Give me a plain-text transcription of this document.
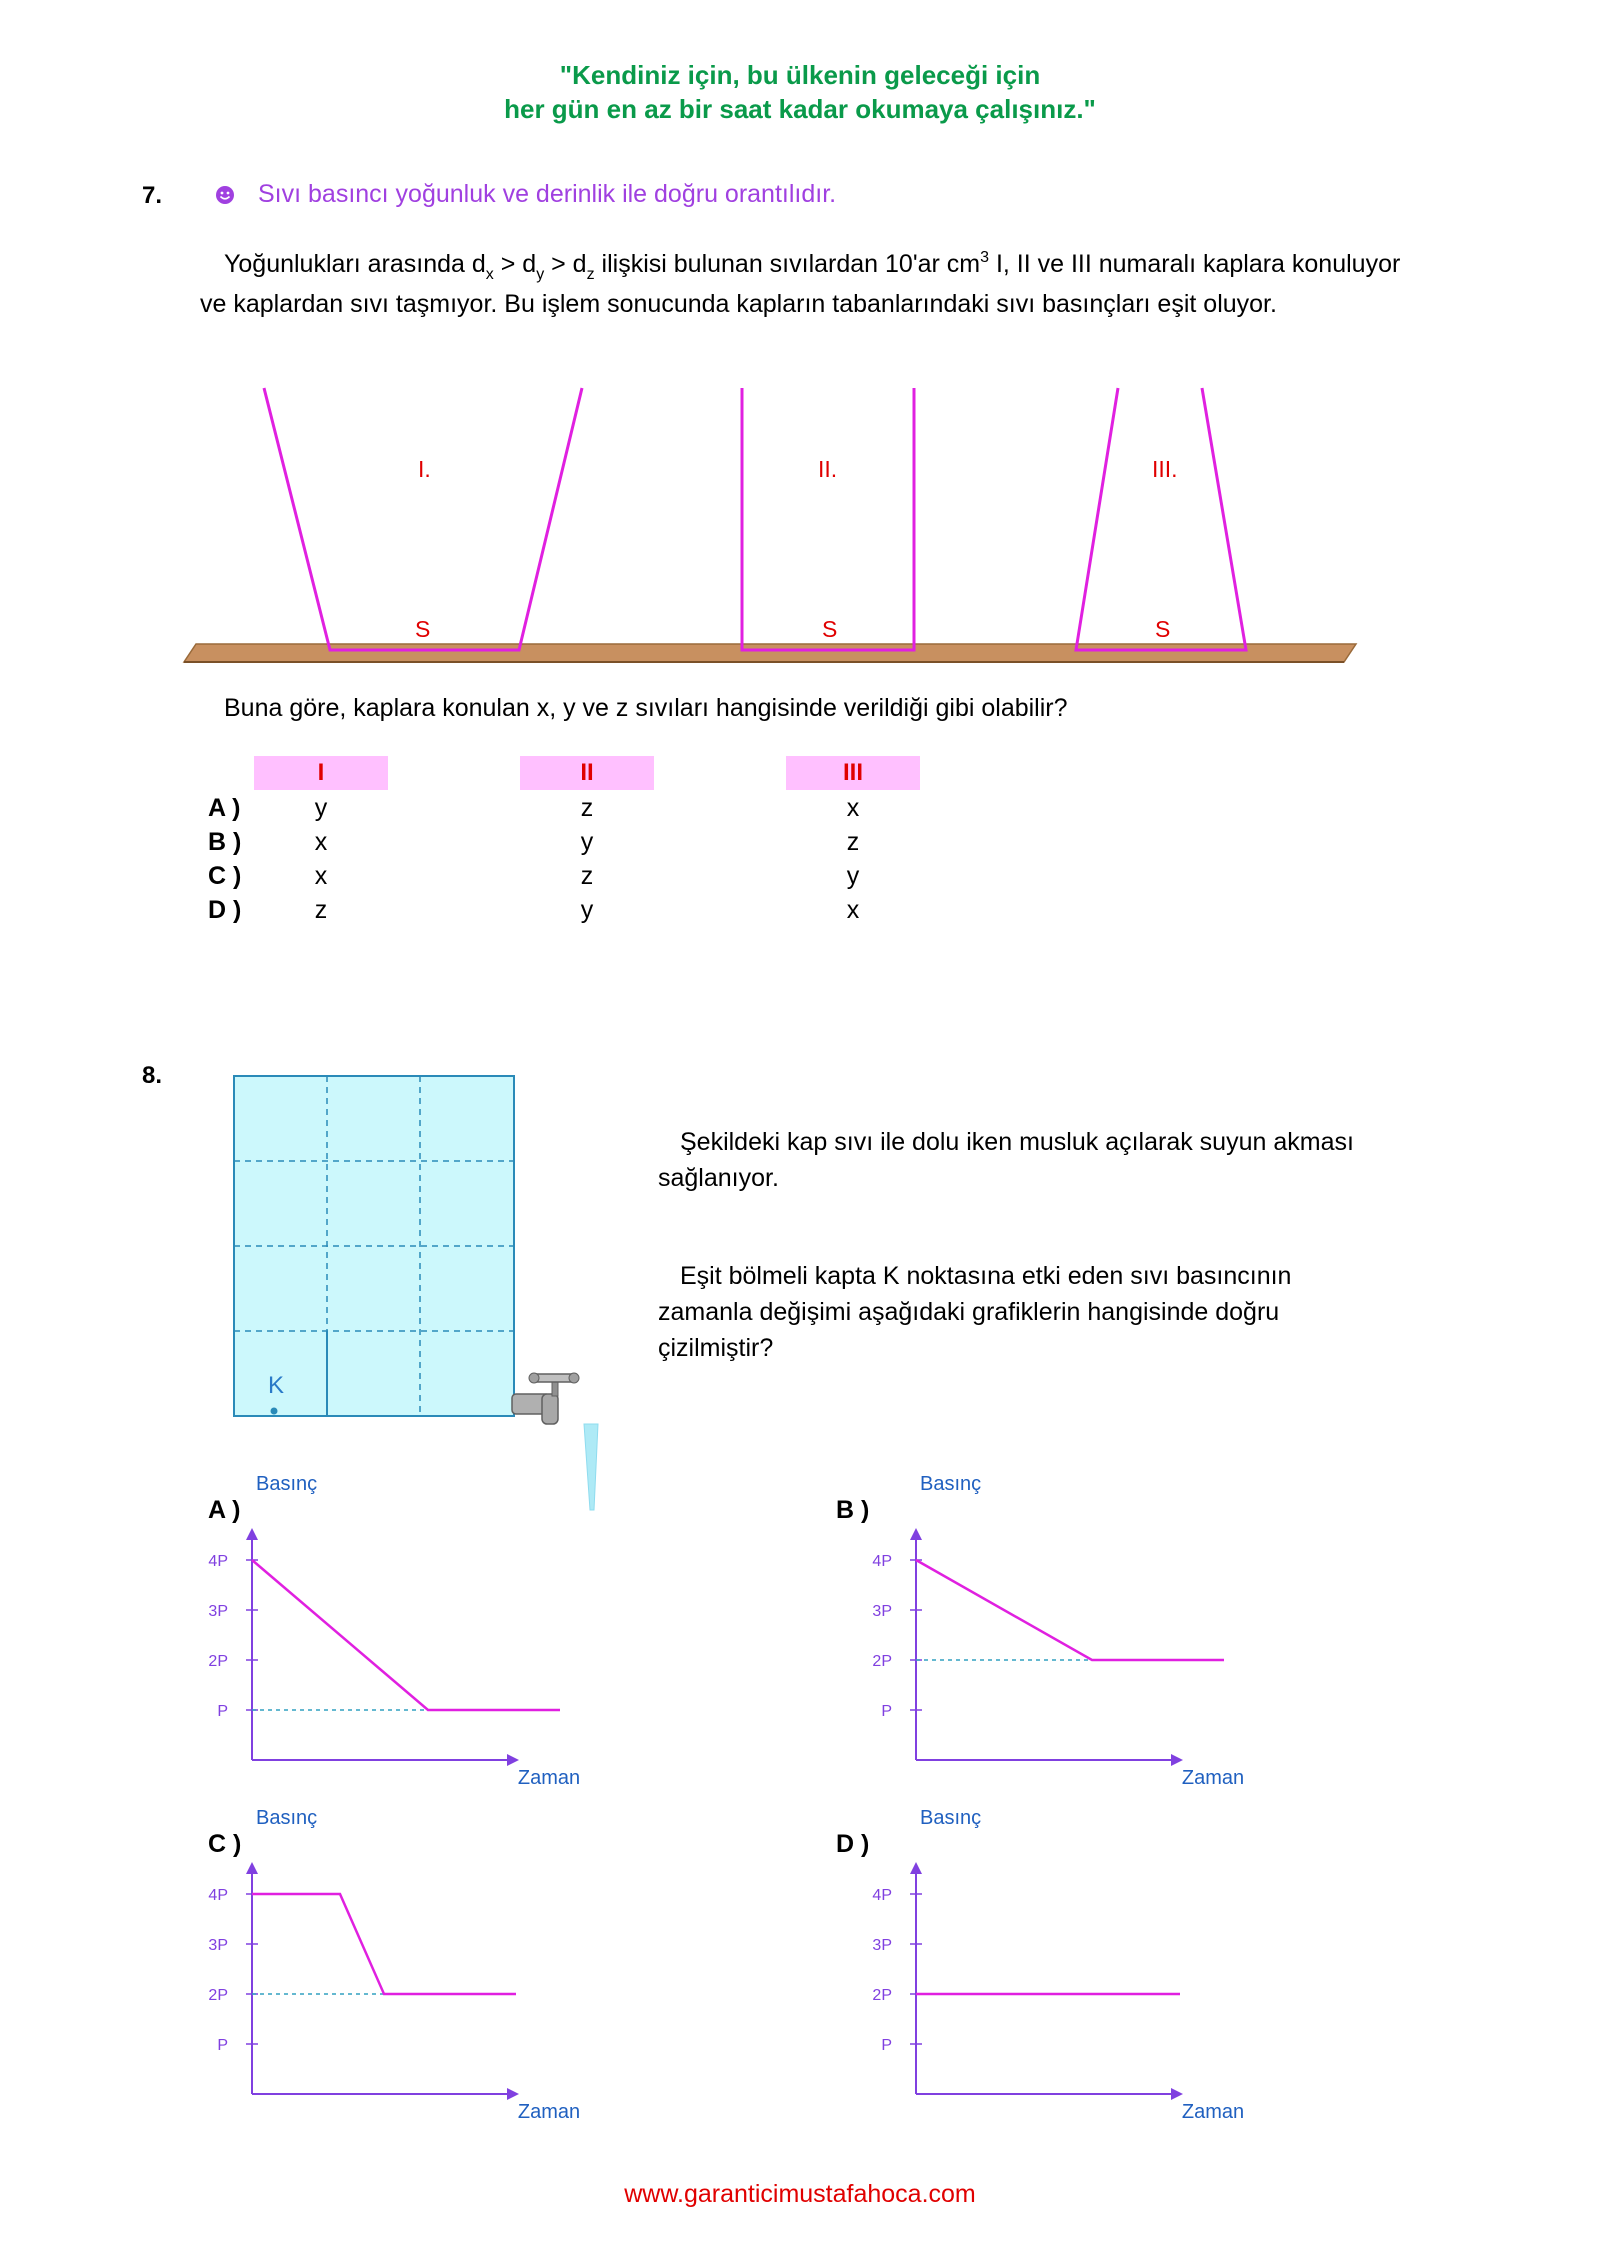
"Kendiniz için, bu ülkenin geleceği için
her gün en az bir saat kadar okumaya çalışınız."
7.	Sıvı basıncı yoğunluk ve derinlik ile doğru orantılıdır.
Yoğunlukları arasında $d_x > d_y > d_z$ ilişkisi bulunan sıvılardan 10'ar $cm^3$ I, II ve III numaralı kaplara konuluyor ve kaplardan sıvı taşmıyor. Bu işlem sonucunda kapların tabanlarındaki sıvı basınçları eşit oluyor.
I.	II.	III.
S	S	S
Buna göre, kaplara konulan x, y ve z sıvıları hangisinde verildiği gibi olabilir?
I	II	III
A )	y	z	x
B )	x	y	z
C )	x	z	y
D )	z	y	x
8.
K
Şekildeki kap sıvı ile dolu iken musluk açılarak suyun akması sağlanıyor.
Eşit bölmeli kapta K noktasına etki eden sıvı basıncının zamanla değişimi aşağıdaki grafiklerin hangisinde doğru çizilmiştir?
A )	B )
C )	D )
4P
3P
2P
P
Basınç
Zaman
4P
3P
2P
P
Basınç
Zaman
4P
3P
2P
P
Basınç
Zaman
4P
3P
2P
P
Basınç
Zaman
www.garanticimustafahoca.com
